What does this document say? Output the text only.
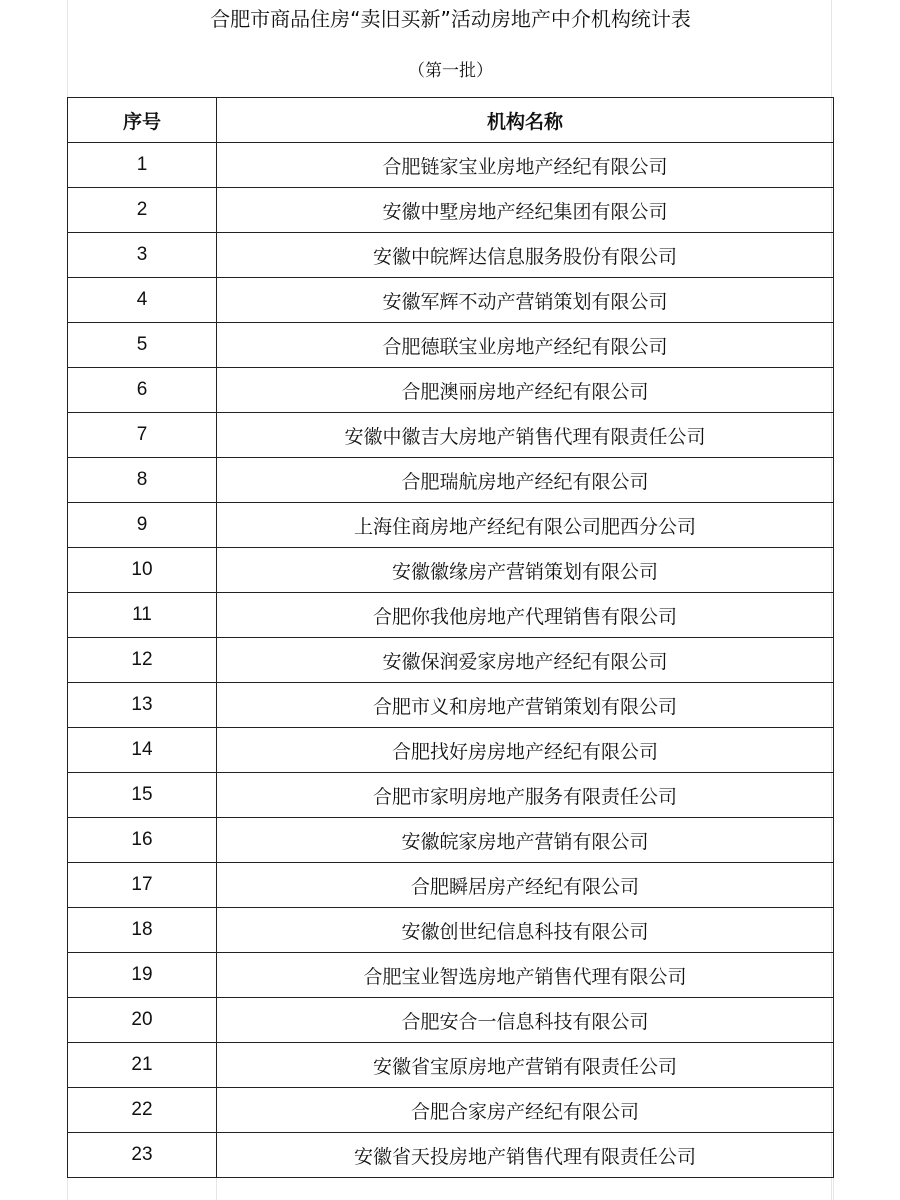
合肥市商品住房“卖旧买新”活动房地产中介机构统计表
（第一批）
序号	机构名称
1	合肥链家宝业房地产经纪有限公司
2	安徽中墅房地产经纪集团有限公司
3	安徽中皖辉达信息服务股份有限公司
4	安徽军辉不动产营销策划有限公司
5	合肥德联宝业房地产经纪有限公司
6	合肥澳丽房地产经纪有限公司
7	安徽中徽吉大房地产销售代理有限责任公司
8	合肥瑞航房地产经纪有限公司
9	上海住商房地产经纪有限公司肥西分公司
10	安徽徽缘房产营销策划有限公司
11	合肥你我他房地产代理销售有限公司
12	安徽保润爱家房地产经纪有限公司
13	合肥市义和房地产营销策划有限公司
14	合肥找好房房地产经纪有限公司
15	合肥市家明房地产服务有限责任公司
16	安徽皖家房地产营销有限公司
17	合肥瞬居房产经纪有限公司
18	安徽创世纪信息科技有限公司
19	合肥宝业智选房地产销售代理有限公司
20	合肥安合一信息科技有限公司
21	安徽省宝原房地产营销有限责任公司
22	合肥合家房产经纪有限公司
23	安徽省天投房地产销售代理有限责任公司
